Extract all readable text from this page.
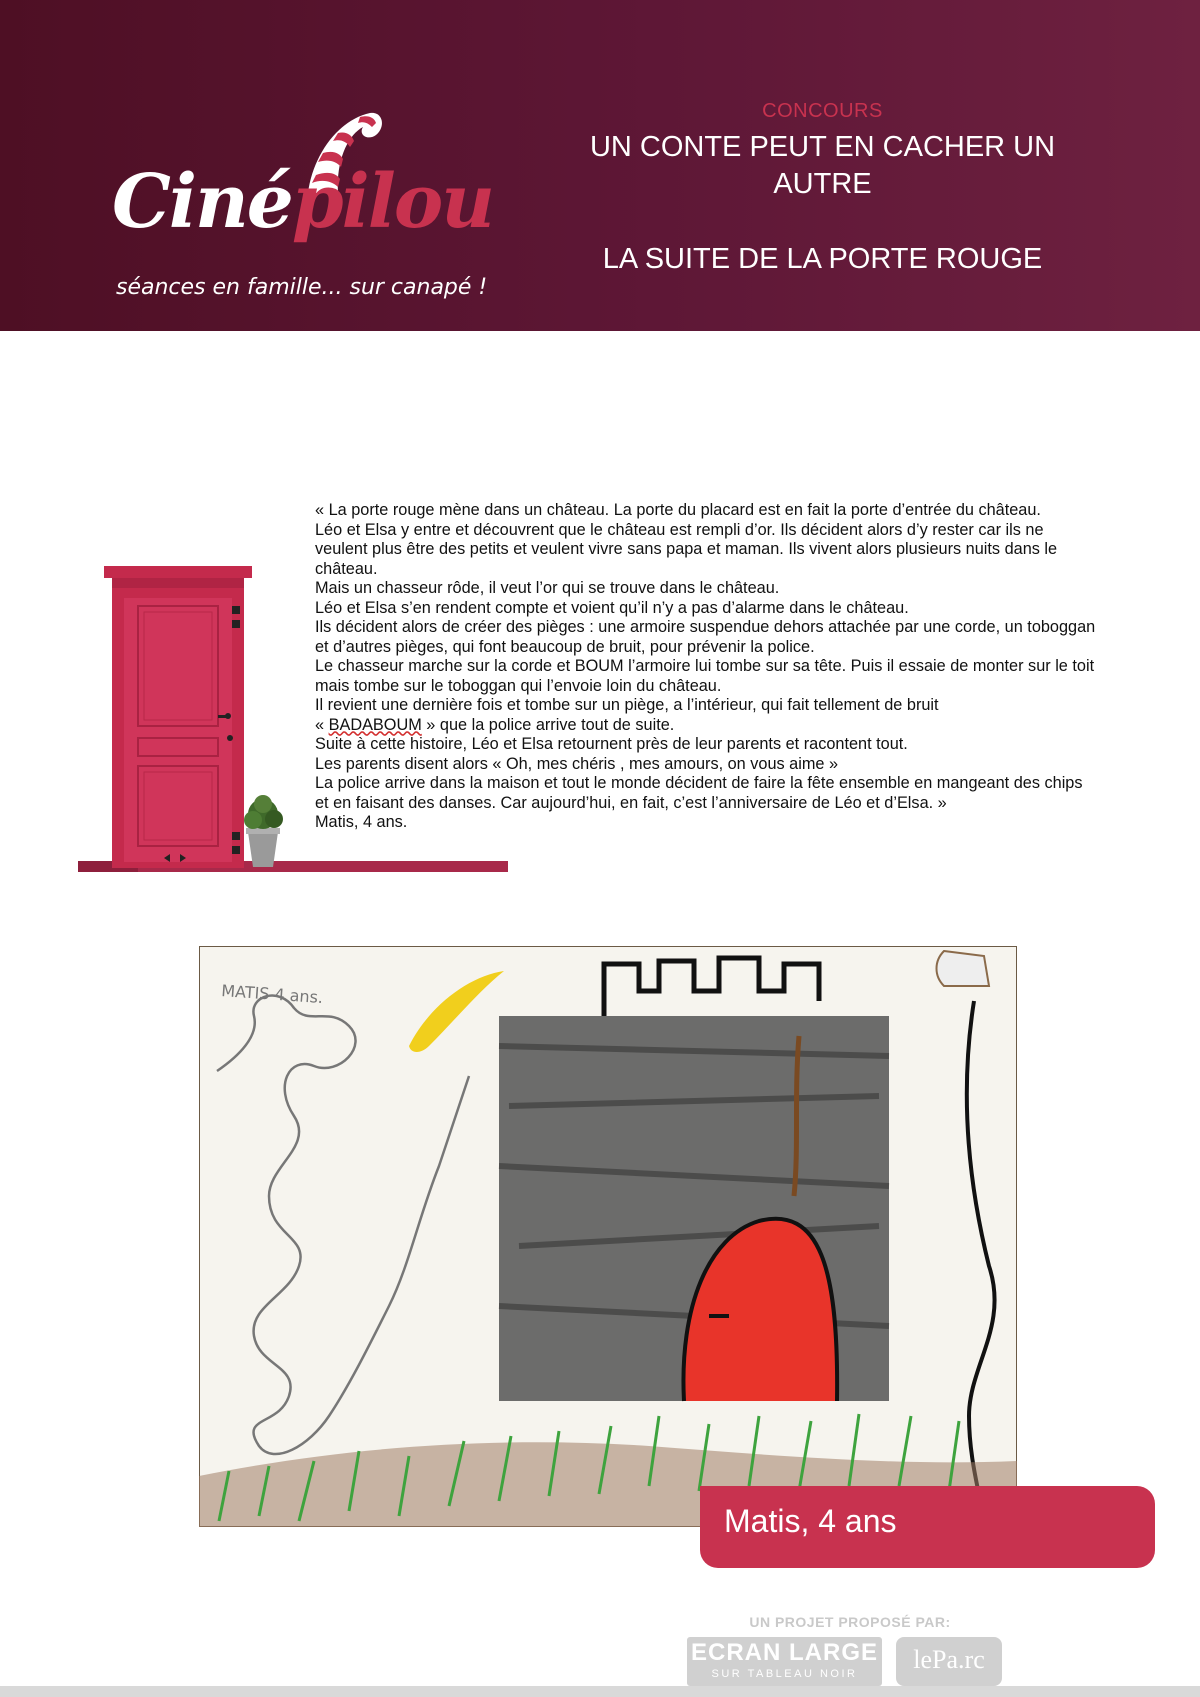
Cinépilou
séances en famille... sur canapé !
CONCOURS
UN CONTE PEUT EN CACHER UN
AUTRE
LA SUITE DE LA PORTE ROUGE

« La porte rouge mène dans un château. La porte du placard est en fait la porte d’entrée du château.

Léo et Elsa y entre et découvrent que le château est rempli d’or. Ils décident alors d’y rester car ils ne veulent plus être des petits et veulent vivre sans papa et maman. Ils vivent alors plusieurs nuits dans le château.

Mais un chasseur rôde, il veut l’or qui se trouve dans le château.

Léo et Elsa s’en rendent compte et voient qu’il n’y a pas d’alarme dans le château.

Ils décident alors de créer des pièges : une armoire suspendue dehors attachée par une corde, un toboggan et d’autres pièges, qui font beaucoup de bruit, pour prévenir la police.

Le chasseur marche sur la corde et BOUM l’armoire lui tombe sur sa tête. Puis il essaie de monter sur le toit mais tombe sur le toboggan qui l’envoie loin du château.

Il revient une dernière fois et tombe sur un piège, a l’intérieur, qui fait tellement de bruit

« BADABOUM » que la police arrive tout de suite.

Suite à cette histoire, Léo et Elsa retournent près de leur parents et racontent tout.

Les parents disent alors « Oh, mes chéris , mes amours, on vous aime »

La police arrive dans la maison et tout le monde décident de faire la fête ensemble en mangeant des chips et en faisant des danses. Car aujourd’hui, en fait, c’est l’anniversaire de Léo et d’Elsa. »

Matis, 4 ans.

MATIS 4 ans.
Matis, 4 ans
UN PROJET PROPOSÉ PAR:
ECRAN LARGE
SUR TABLEAU NOIR	lePa.rc
